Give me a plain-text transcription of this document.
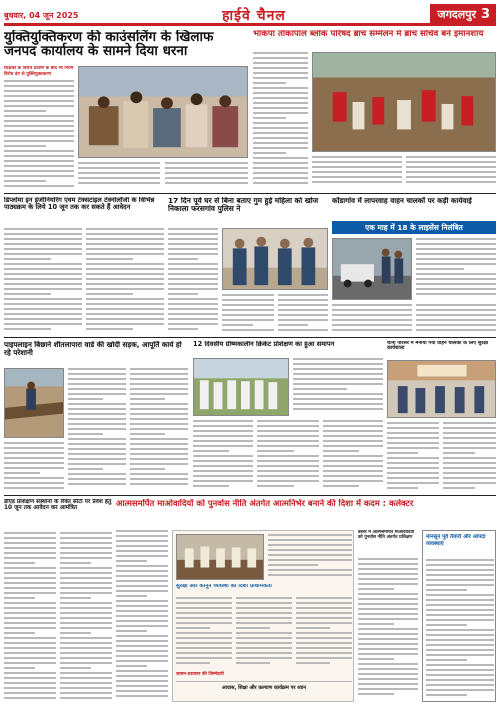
बुधवार, 04 जून 2025	हाईवे चैनल	जगदलपुर 3
युक्तियुक्तिकरण की काउंसलिंग के खिलाफ जनपद कार्यालय के सामने दिया धरना
शिक्षकों के विरोध प्रदर्शन के बाद भी नियम विरोध ढंग से युक्तियुक्तकरण
भाकपा तोकापाल ब्लॉक परिषद ब्रांच सम्मेलन में ब्रांच सचिव बने इमानशाय
डिप्लोमा इन इंजीनियरिंग एवम टेक्सटाइल टेक्नोलॉजी के विभिन्न पाठ्यक्रम के लिये 10 जून तक कर सकते हैं आवेदन
17 दिन पूर्व घर से बिना बताए गुम हुई महिला को खोज निकाला फरसगांव पुलिस ने
कोंडागांव में लापरवाह वाहन चालकों पर कड़ी कार्यवाई
एक माह में 18 के लाइसेंस निलंबित
पाइपलाइन बिछाने शीतलापारा वार्ड की खोदी सड़क, आपूर्ति कार्य हो रहे परेशानी
12 दिवसीय ग्रीष्मकालीन क्रिकेट प्रशिक्षण का हुआ समापन	थाना परिसर में मनाया गया वाहन चालकों के लिए सुरक्षा कार्यशाला
डीएड प्रशिक्षण संस्थानों के रिक्त सीटों पर प्रवेश हेतु 10 जून तक आवेदन कर आमंत्रित
आत्मसमर्पित माओवादियों को पुनर्वास नीति अंतर्गत आत्मनिर्भर बनाने की दिशा में कदम : कलेक्टर
सुरक्षा और कानून व्यवस्था की दिशा प्राथमिकता
शासन-प्रशासन की जिम्मेदारी
आवास, शिक्षा और कल्याण कार्यक्रम पर ध्यान
बस्तर में आत्मसमर्पित माओवादियों को पुनर्वास नीति अंतर्गत प्रशिक्षण	मानसून पूर्व तैयारी और आपदा व्यवस्थाएं
